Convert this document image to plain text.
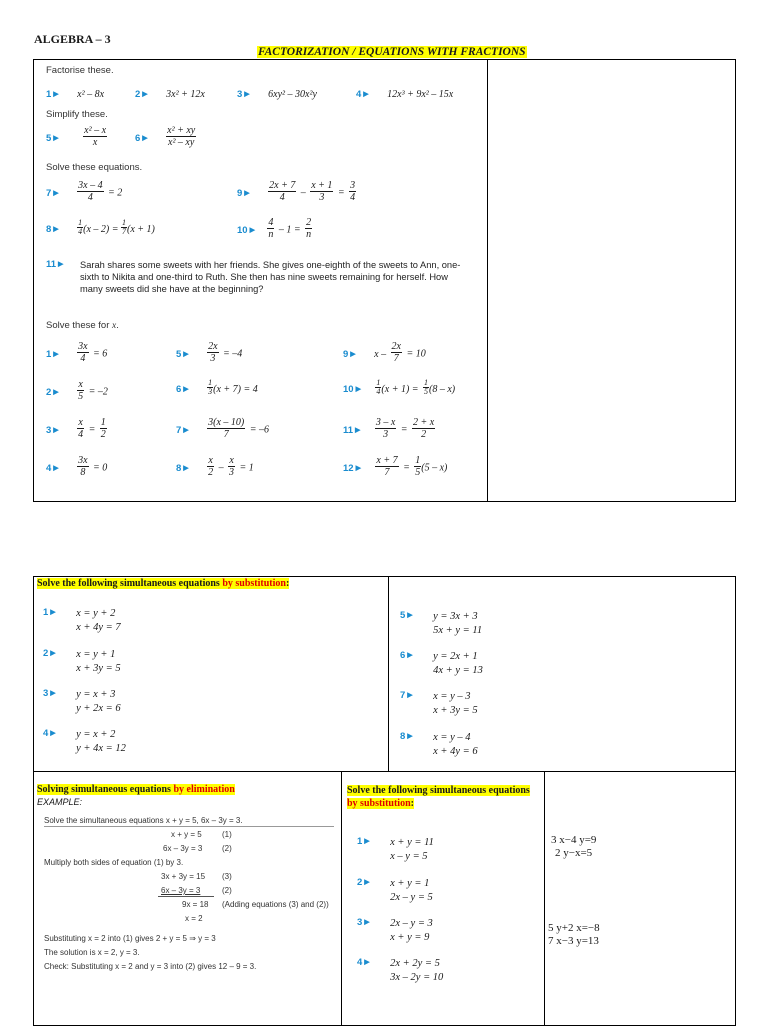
ALGEBRA – 3
FACTORIZATION / EQUATIONS WITH FRACTIONS
Factorise these.
1 ▶ x² – 8x	2 ▶ 3x² + 12x	3 ▶ 6xy² – 30x²y	4 ▶ 12x³ + 9x² – 15x
Simplify these.
5 ▶ $\frac{\text{x² – x}}{x}$	6 ▶ $\frac{\text{x² + xy}}{\text{x² – xy}}$
Solve these equations.
7 ▶ $\frac{3x - 4}{4} = 2$	9 ▶ $\frac{2x + 7}{4} - \frac{x + 1}{3} = \frac{3}{4}$
8 ▶ $\frac{1}{4} (x - 2) = \frac{1}{7} (x + 1)$	10 ▶ $\frac{4}{n} - 1 = \frac{2}{n}$
11 ▶ Sarah shares some sweets with her friends. She gives one-eighth of the sweets to Ann, one-sixth to Nikita and one-third to Ruth. She then has nine sweets remaining for herself. How many sweets did she have at the beginning?
Solve these for x.
1 ▶ $\frac{3x}{4} = 6$
2 ▶ $\frac{x}{5} = -2$
3 ▶ $\frac{x}{4} = \frac{1}{2}$
4 ▶ $\frac{3x}{8} = 0$
5 ▶ $\frac{2x}{3} = -4$
6 ▶ $\frac{1}{3} (x + 7) = 4$
7 ▶ $\frac{3(x - 10)}{7} = -6$
8 ▶ $\frac{x}{2} - \frac{x}{3} = 1$
9 ▶ $x - \frac{2x}{7} = 10$
10 ▶ $\frac{1}{4} (x + 1) = \frac{1}{5} (8 - x)$
11 ▶ $\frac{3 - x}{3} = \frac{2 + x}{2}$
12 ▶ $\frac{x + 7}{7} = \frac{1}{5} (5 - x)$
Solve the following simultaneous equations by substitution:
$^{1 ▶}$ x = y + 2
x + 4y = 7
$^{2 ▶}$ x = y + 1
x + 3y = 5
$^{3 ▶}$ y = x + 3
y + 2x = 6
$^{4 ▶}$ y = x + 2
y + 4x = 12
$^{5 ▶}$ y = 3x + 3
5x + y = 11
$^{6 ▶}$ y = 2x + 1
4x + y = 13
$^{7 ▶}$ x = y – 3
x + 3y = 5
$^{8 ▶}$ x = y – 4
x + 4y = 6
Solving simultaneous equations by elimination
EXAMPLE:
Solve the simultaneous equations x + y = 5, 6x – 3y = 3.
x + y = 5	(1)
6x – 3y = 3 (2)
Multiply both sides of equation (1) by 3.
3x + 3y = 15 (3)
6x – 3y = 3	(2)
9x = 18 (Adding equations (3) and (2))
x = 2
Substituting x = 2 into (1) gives 2 + y = 5 ⇒ y = 3
The solution is x = 2, y = 3.
Check: Substituting x = 2 and y = 3 into (2) gives 12 – 9 = 3.
Solve the following simultaneous equations by substitution:
$^{1 ▶}$ x + y = 11
x – y = 5
$^{2 ▶}$ x + y = 1
2x – y = 5
$^{3 ▶}$ 2x – y = 3
x + y = 9
$^{4 ▶}$ 2x + 2y = 5
3x – 2y = 10
3 x−4 y=9
2 y−x=5
5 y+2 x=−8
7 x−3 y=13
